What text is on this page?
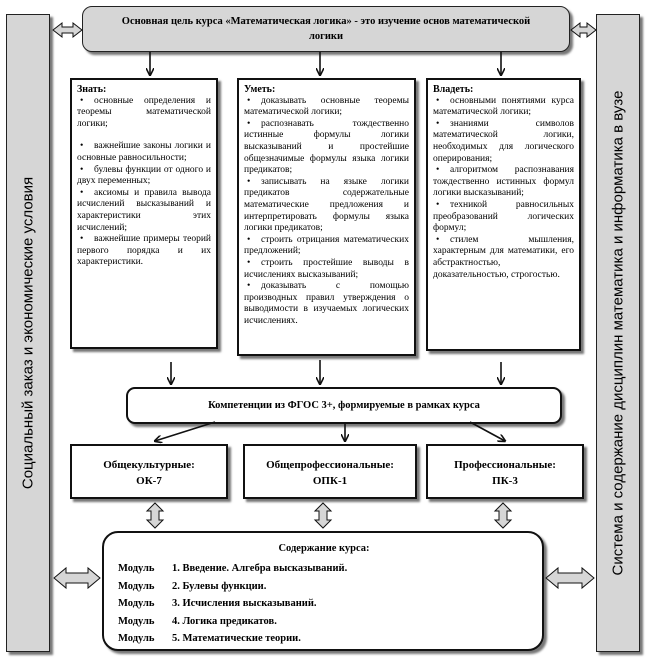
Социальный заказ и экономические условия	Система и содержание дисциплин математика и информатика в вузе
Основная цель курса «Математическая логика» - это изучение основ математической логики
Знать:
• основные определения и теоремы математической логики;
• важнейшие законы логики и основные равносильности;
• булевы функции от одного и двух переменных;
• аксиомы и правила вывода исчислений высказываний и характеристики этих исчислений;
• важнейшие примеры теорий первого порядка и их характеристики.
Уметь:
• доказывать основные теоремы математической логики;
• распознавать тождественно истинные формулы логики высказываний и простейшие общезначимые формулы языка логики предикатов;
• записывать на языке логики предикатов содержательные математические предложения и интерпретировать формулы языка логики предикатов;
• строить отрицания математических предложений;
• строить простейшие выводы в исчислениях высказываний;
• доказывать с помощью производных правил утверждения о выводимости в изучаемых логических исчислениях.
Владеть:
• основными понятиями курса математической логики;
• знаниями символов математической логики, необходимых для логического оперирования;
• алгоритмом распознавания тождественно истинных формул логики высказываний;
• техникой равносильных преобразований логических формул;
• стилем мышления, характерным для математики, его абстрактностью, доказательностью, строгостью.
Компетенции из ФГОС 3+, формируемые в рамках курса
Общекультурные:
ОК-7
Общепрофессиональные:
ОПК-1
Профессиональные:
ПК-3
Содержание курса:
Модуль 1. Введение. Алгебра высказываний.
Модуль 2. Булевы функции.
Модуль 3. Исчисления высказываний.
Модуль 4. Логика предикатов.
Модуль 5. Математические теории.
